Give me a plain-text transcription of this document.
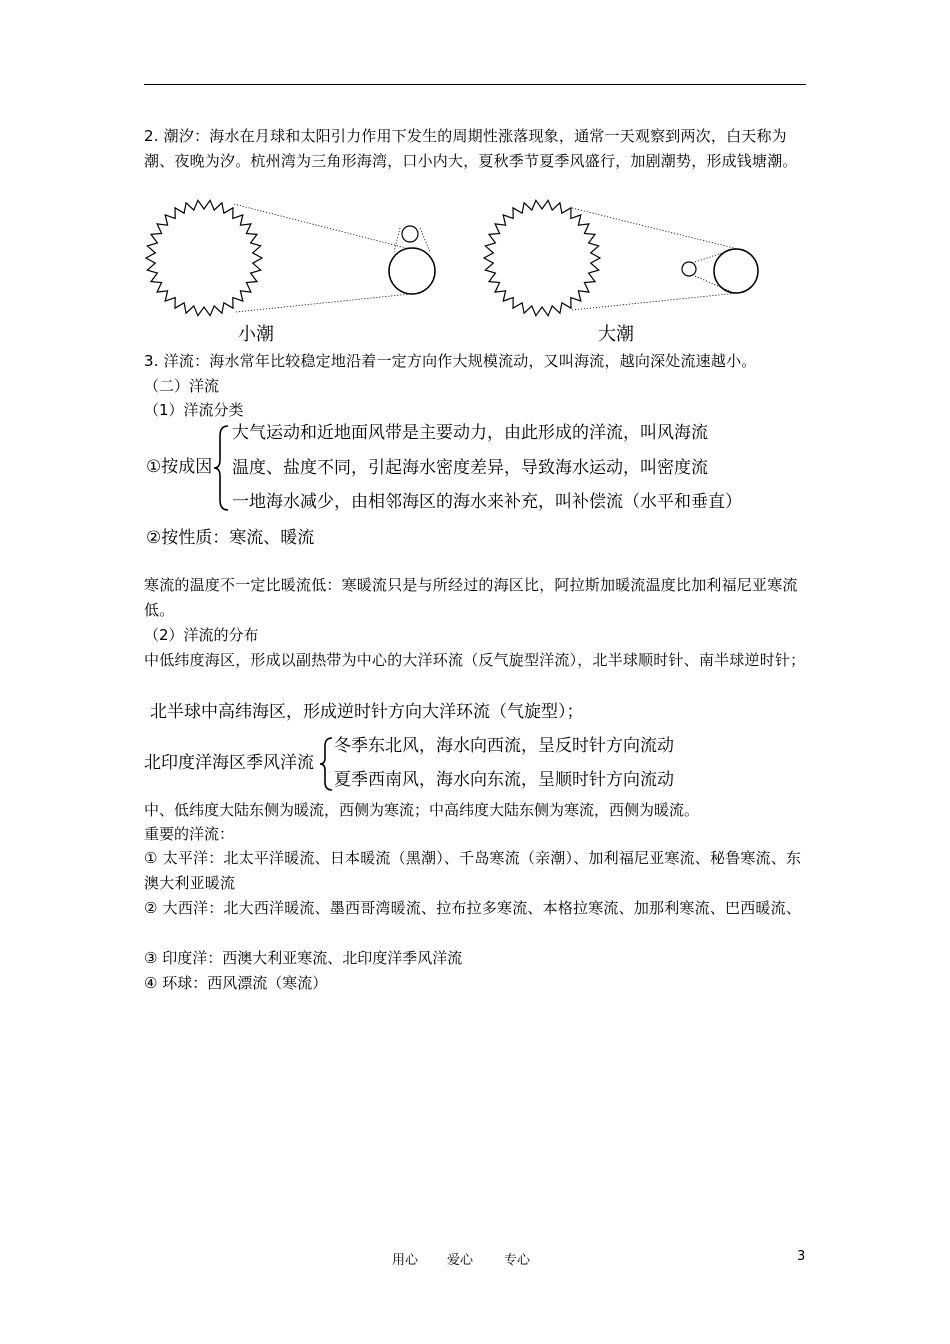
2. 潮汐：海水在月球和太阳引力作用下发生的周期性涨落现象，通常一天观察到两次，白天称为潮、夜晚为汐。杭州湾为三角形海湾，口小内大，夏秋季节夏季风盛行，加剧潮势，形成钱塘潮。
小潮	大潮
3. 洋流：海水常年比较稳定地沿着一定方向作大规模流动，又叫海流，越向深处流速越小。
（二）洋流
（1）洋流分类
①按成因
大气运动和近地面风带是主要动力，由此形成的洋流，叫风海流
温度、盐度不同，引起海水密度差异，导致海水运动，叫密度流
一地海水减少，由相邻海区的海水来补充，叫补偿流（水平和垂直）
②按性质：寒流、暖流
寒流的温度不一定比暖流低：寒暖流只是与所经过的海区比，阿拉斯加暖流温度比加利福尼亚寒流低。
（2）洋流的分布
中低纬度海区，形成以副热带为中心的大洋环流（反气旋型洋流），北半球顺时针、南半球逆时针；
北半球中高纬海区，形成逆时针方向大洋环流（气旋型）；
北印度洋海区季风洋流
冬季东北风，海水向西流，呈反时针方向流动
夏季西南风，海水向东流，呈顺时针方向流动
中、低纬度大陆东侧为暖流，西侧为寒流；中高纬度大陆东侧为寒流，西侧为暖流。
重要的洋流：
① 太平洋：北太平洋暖流、日本暖流（黑潮）、千岛寒流（亲潮）、加利福尼亚寒流、秘鲁寒流、东澳大利亚暖流
② 大西洋：北大西洋暖流、墨西哥湾暖流、拉布拉多寒流、本格拉寒流、加那利寒流、巴西暖流、
③ 印度洋：西澳大利亚寒流、北印度洋季风洋流
④ 环球：西风漂流（寒流）
用心 爱心 专心	3
